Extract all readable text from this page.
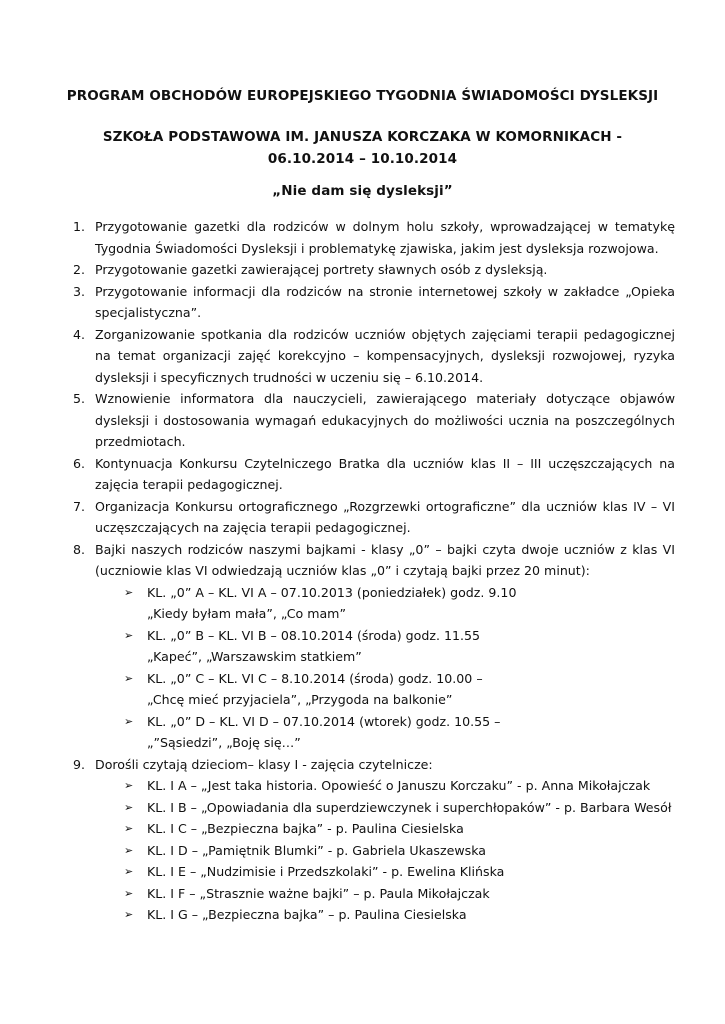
PROGRAM OBCHODÓW EUROPEJSKIEGO TYGODNIA ŚWIADOMOŚCI DYSLEKSJI
SZKOŁA PODSTAWOWA IM. JANUSZA KORCZAKA W KOMORNIKACH -
06.10.2014 – 10.10.2014
„Nie dam się dysleksji”
1. Przygotowanie gazetki dla rodziców w dolnym holu szkoły, wprowadzającej w tematykę Tygodnia Świadomości Dysleksji i problematykę zjawiska, jakim jest dysleksja rozwojowa.
2. Przygotowanie gazetki zawierającej portrety sławnych osób z dysleksją.
3. Przygotowanie informacji dla rodziców na stronie internetowej szkoły w zakładce „Opieka specjalistyczna”.
4. Zorganizowanie spotkania dla rodziców uczniów objętych zajęciami terapii pedagogicznej na temat organizacji zajęć korekcyjno – kompensacyjnych, dysleksji rozwojowej, ryzyka dysleksji i specyficznych trudności w uczeniu się – 6.10.2014.
5. Wznowienie informatora dla nauczycieli, zawierającego materiały dotyczące objawów dysleksji i dostosowania wymagań edukacyjnych do możliwości ucznia na poszczególnych przedmiotach.
6. Kontynuacja Konkursu Czytelniczego Bratka dla uczniów klas II – III uczęszczających na zajęcia terapii pedagogicznej.
7. Organizacja Konkursu ortograficznego „Rozgrzewki ortograficzne” dla uczniów klas IV – VI uczęszczających na zajęcia terapii pedagogicznej.
8. Bajki naszych rodziców naszymi bajkami - klasy „0” – bajki czyta dwoje uczniów z klas VI (uczniowie klas VI odwiedzają uczniów klas „0” i czytają bajki przez 20 minut):
➢ KL. „0” A – KL. VI A – 07.10.2013 (poniedziałek) godz. 9.10
„Kiedy byłam mała”, „Co mam”
➢ KL. „0” B – KL. VI B – 08.10.2014 (środa) godz. 11.55
„Kapeć”, „Warszawskim statkiem”
➢ KL. „0” C – KL. VI C – 8.10.2014 (środa) godz. 10.00 –
„Chcę mieć przyjaciela”, „Przygoda na balkonie”
➢ KL. „0” D – KL. VI D – 07.10.2014 (wtorek) godz. 10.55 –
„”Sąsiedzi”, „Boję się…”
9. Dorośli czytają dzieciom– klasy I - zajęcia czytelnicze:
➢ KL. I A – „Jest taka historia. Opowieść o Januszu Korczaku” - p. Anna Mikołajczak
➢ KL. I B – „Opowiadania dla superdziewczynek i superchłopaków” - p. Barbara Wesół
➢ KL. I C – „Bezpieczna bajka” - p. Paulina Ciesielska
➢ KL. I D – „Pamiętnik Blumki” - p. Gabriela Ukaszewska
➢ KL. I E – „Nudzimisie i Przedszkolaki” - p. Ewelina Klińska
➢ KL. I F – „Strasznie ważne bajki” – p. Paula Mikołajczak
➢ KL. I G – „Bezpieczna bajka” – p. Paulina Ciesielska
